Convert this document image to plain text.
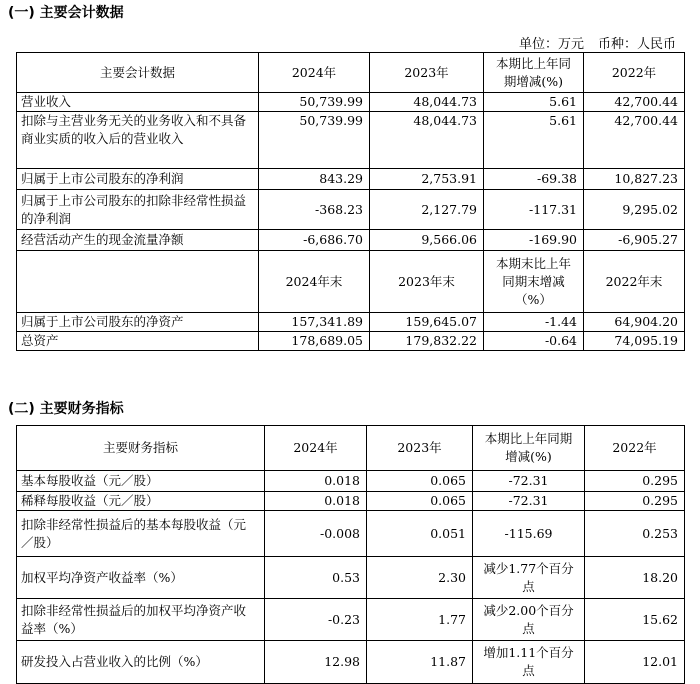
(一) 主要会计数据
单位：万元 币种：人民币
主要会计数据	2024年	2023年	本期比上年同期增减(%)	2022年
营业收入	50,739.99	48,044.73	5.61	42,700.44
扣除与主营业务无关的业务收入和不具备商业实质的收入后的营业收入	50,739.99	48,044.73	5.61	42,700.44
归属于上市公司股东的净利润	843.29	2,753.91	-69.38	10,827.23
归属于上市公司股东的扣除非经常性损益的净利润	-368.23	2,127.79	-117.31	9,295.02
经营活动产生的现金流量净额	-6,686.70	9,566.06	-169.90	-6,905.27
	2024年末	2023年末	本期末比上年同期末增减（%）	2022年末
归属于上市公司股东的净资产	157,341.89	159,645.07	-1.44	64,904.20
总资产	178,689.05	179,832.22	-0.64	74,095.19
(二) 主要财务指标
主要财务指标	2024年	2023年	本期比上年同期增减(%)	2022年
基本每股收益（元／股）	0.018	0.065	-72.31	0.295
稀释每股收益（元／股）	0.018	0.065	-72.31	0.295
扣除非经常性损益后的基本每股收益（元／股）	-0.008	0.051	-115.69	0.253
加权平均净资产收益率（%）	0.53	2.30	减少1.77个百分点	18.20
扣除非经常性损益后的加权平均净资产收益率（%）	-0.23	1.77	减少2.00个百分点	15.62
研发投入占营业收入的比例（%）	12.98	11.87	增加1.11个百分点	12.01
